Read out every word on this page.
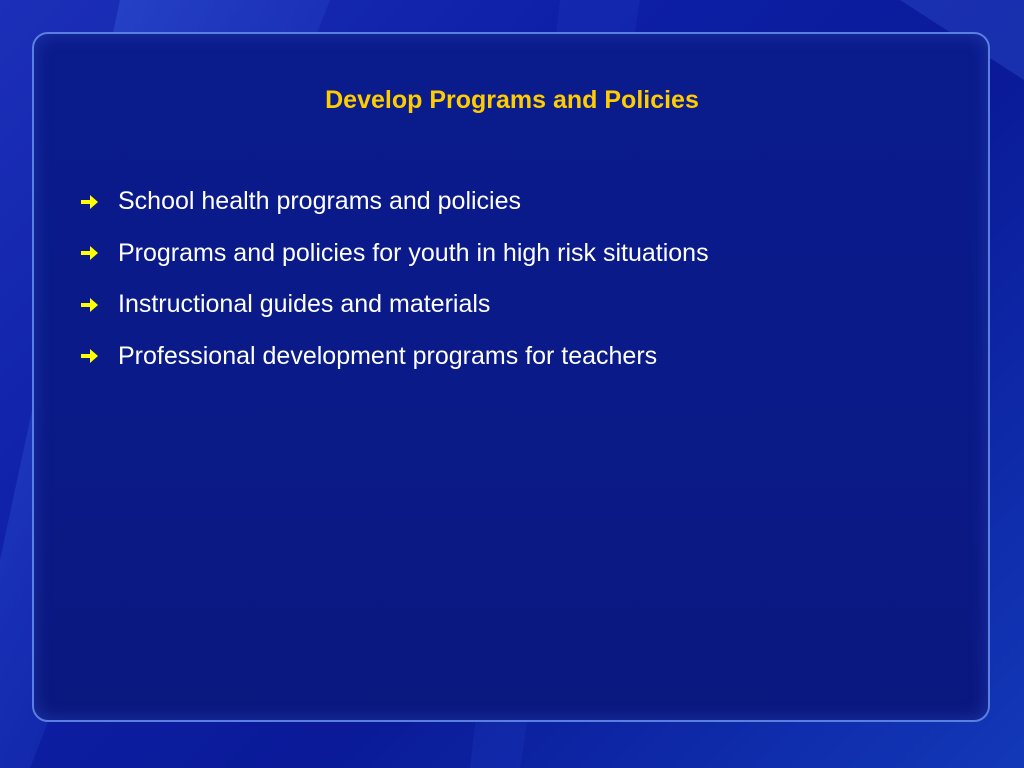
Develop Programs and Policies
School health programs and policies
Programs and policies for youth in high risk situations
Instructional guides and materials
Professional development programs for teachers
